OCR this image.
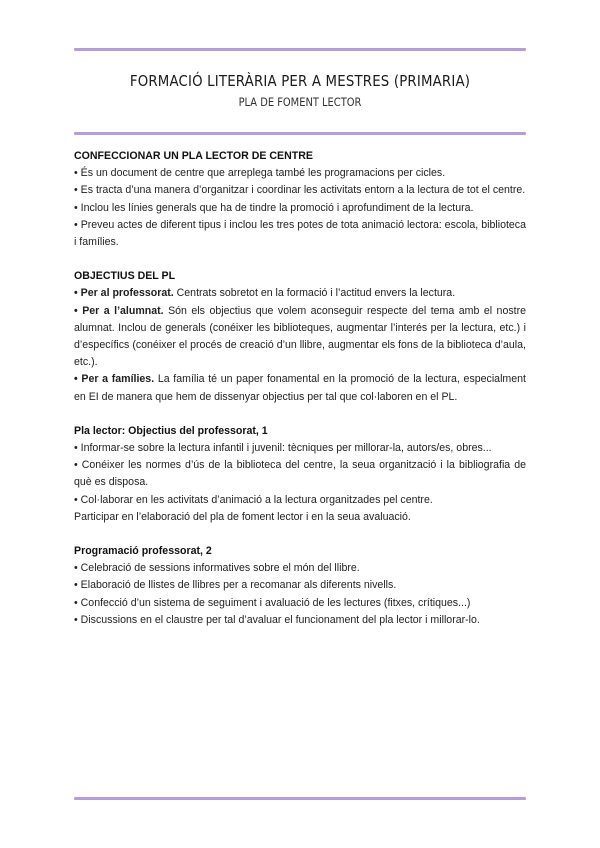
FORMACIÓ LITERÀRIA PER A MESTRES (PRIMARIA)
PLA DE FOMENT LECTOR
CONFECCIONAR UN PLA LECTOR DE CENTRE
• És un document de centre que arreplega també les programacions per cicles.
• Es tracta d’una manera d’organitzar i coordinar les activitats entorn a la lectura de tot el centre.
• Inclou les línies generals que ha de tindre la promoció i aprofundiment de la lectura.
• Preveu actes de diferent tipus i inclou les tres potes de tota animació lectora: escola, biblioteca i famílies.
OBJECTIUS DEL PL
• Per al professorat. Centrats sobretot en la formació i l’actitud envers la lectura.
• Per a l’alumnat. Són els objectius que volem aconseguir respecte del tema amb el nostre alumnat. Inclou de generals (conéixer les biblioteques, augmentar l’interés per la lectura, etc.) i d’específics (conéixer el procés de creació d’un llibre, augmentar els fons de la biblioteca d’aula, etc.).
• Per a famílies. La família té un paper fonamental en la promoció de la lectura, especialment en EI de manera que hem de dissenyar objectius per tal que col·laboren en el PL.
Pla lector: Objectius del professorat, 1
• Informar-se sobre la lectura infantil i juvenil: tècniques per millorar-la, autors/es, obres...
• Conéixer les normes d’ús de la biblioteca del centre, la seua organització i la bibliografia de què es disposa.
• Col·laborar en les activitats d’animació a la lectura organitzades pel centre.
Participar en l’elaboració del pla de foment lector i en la seua avaluació.
Programació professorat, 2
• Celebració de sessions informatives sobre el món del llibre.
• Elaboració de llistes de llibres per a recomanar als diferents nivells.
• Confecció d’un sistema de seguiment i avaluació de les lectures (fitxes, crítiques...)
• Discussions en el claustre per tal d’avaluar el funcionament del pla lector i millorar-lo.
